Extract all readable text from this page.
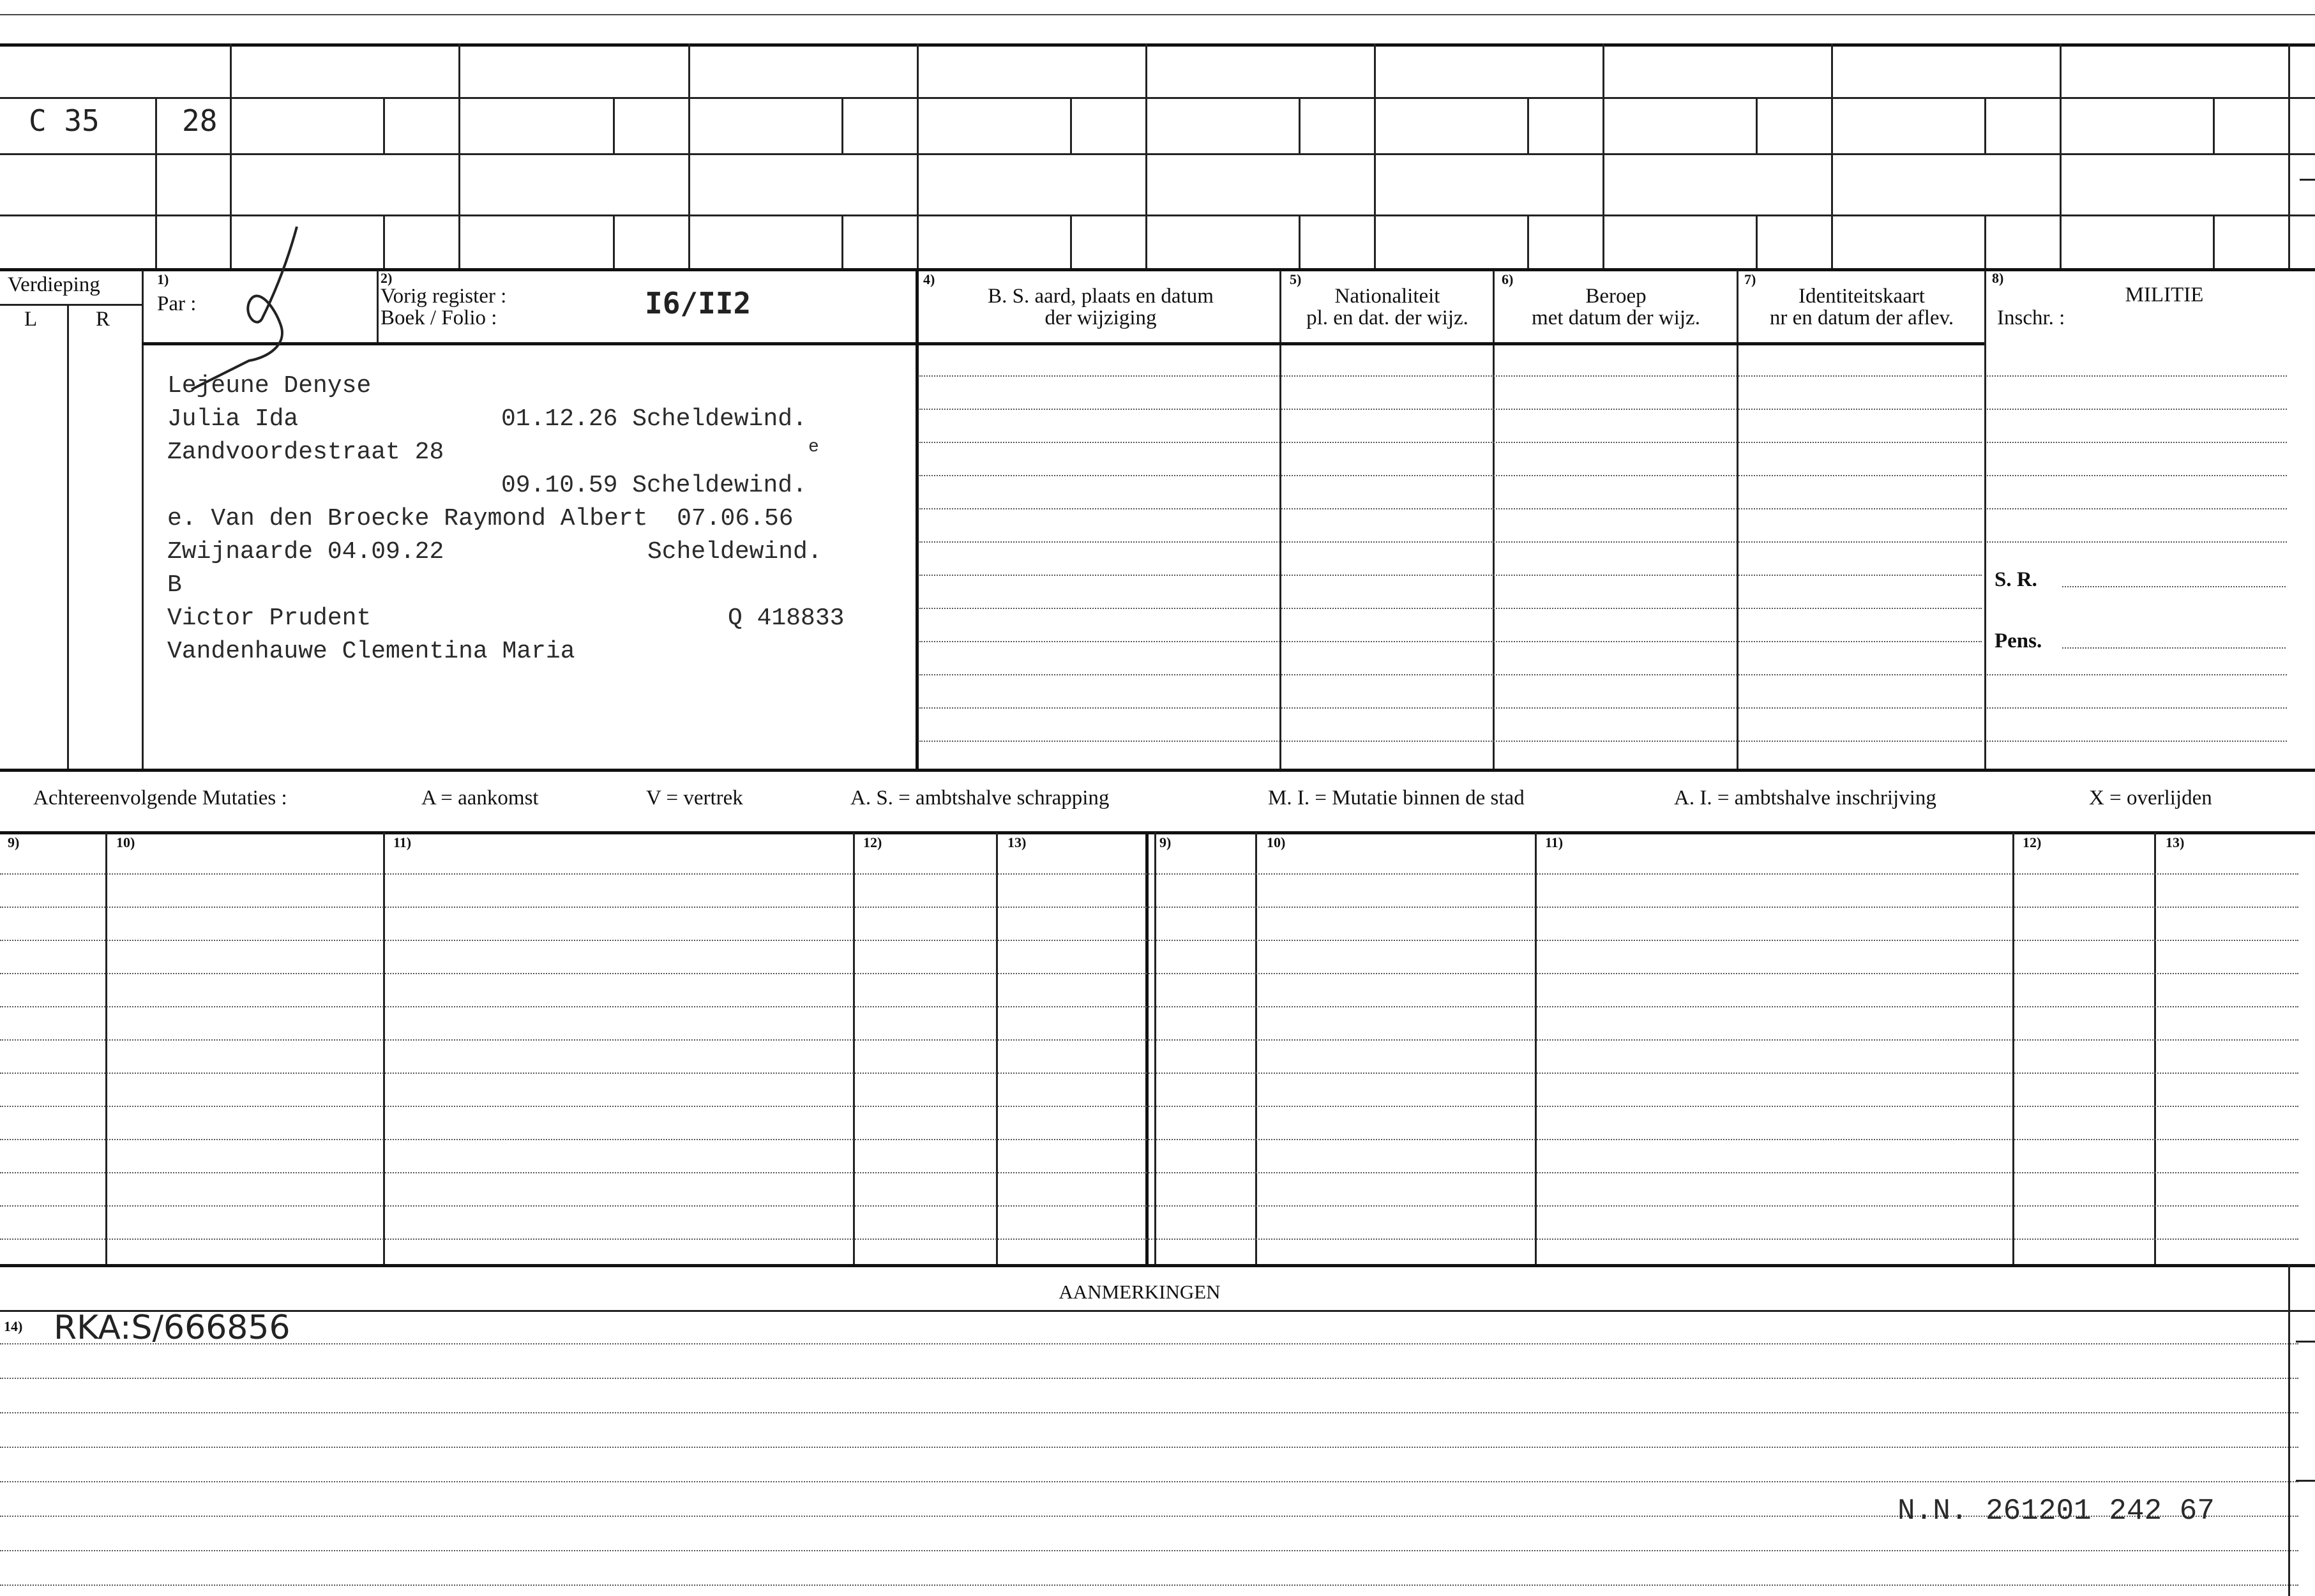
C 35	28
Verdieping
L	R
1)
Par :
2)
Vorig register :
Boek / Folio :	I6/II2
4)
B. S. aard, plaats en datum
der wijziging
5)
Nationaliteit
pl. en dat. der wijz.
6)
Beroep
met datum der wijz.
7)
Identiteitskaart
nr en datum der aflev.
8)
MILITIE
Inschr. :
S. R.
Pens.
Lejeune Denyse
Julia Ida	01.12.26 Scheldewind.
Zandvoordestraat 28	e
09.10.59 Scheldewind.
e. Van den Broecke Raymond Albert  07.06.56
Zwijnaarde 04.09.22	Scheldewind.
B
Victor Prudent	Q 418833
Vandenhauwe Clementina Maria
Achtereenvolgende Mutaties :	A = aankomst	V = vertrek	A. S. = ambtshalve schrapping	M. I. = Mutatie binnen de stad	A. I. = ambtshalve inschrijving	X = overlijden
9)	10)	11)	12)	13)	9)	10)	11)	12)	13)
AANMERKINGEN
14) RKA:S/666856
N.N. 261201 242 67
